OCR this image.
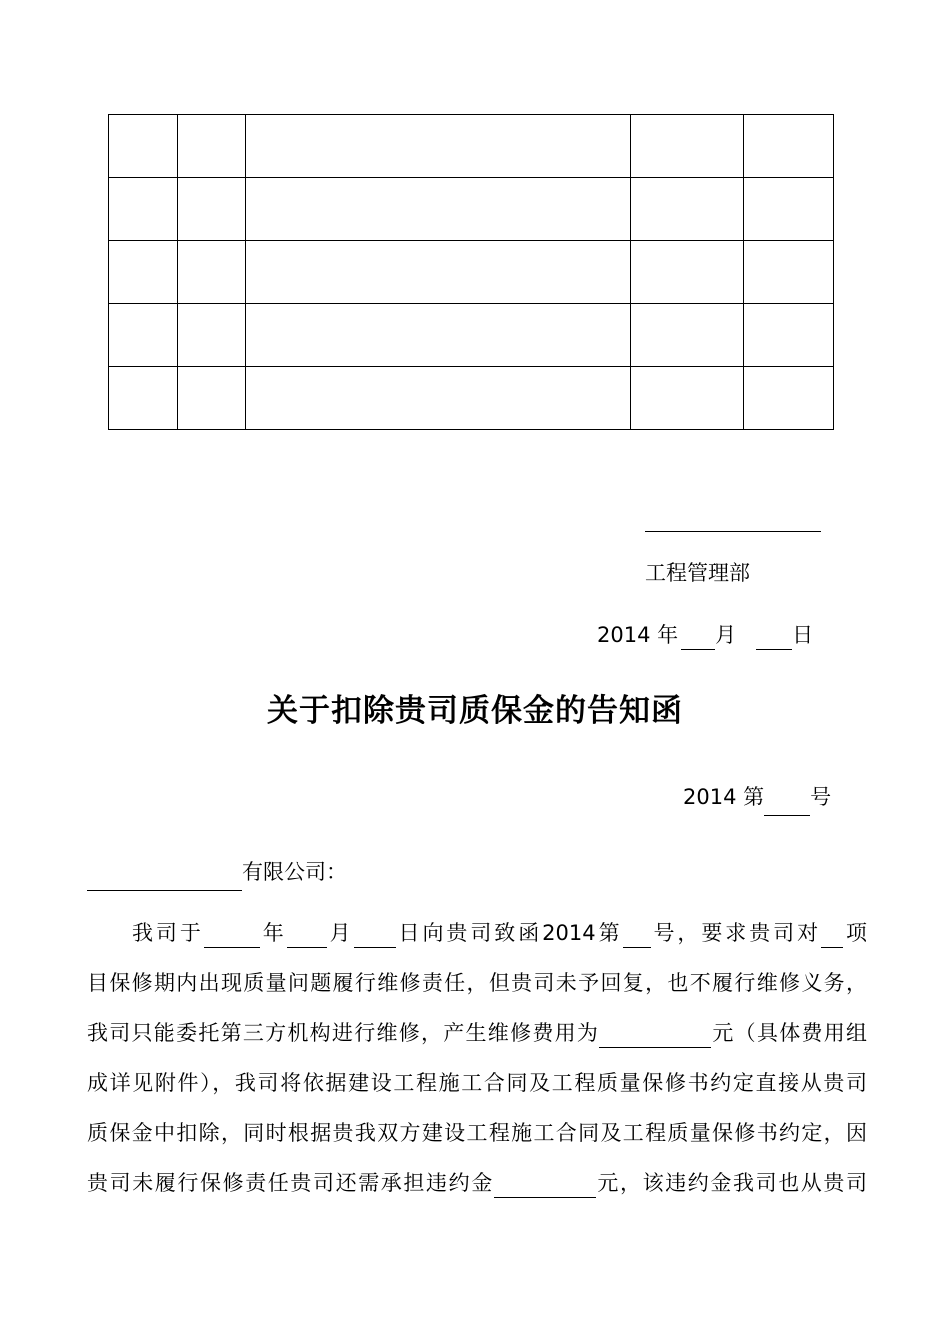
工程管理部
2014 年 月	日
关于扣除贵司质保金的告知函
2014 第 号
有限公司：
我司于	年 月 日向贵司致函2014第 号，要求贵司对 项
目保修期内出现质量问题履行维修责任，但贵司未予回复，也不履行维修义务，
我司只能委托第三方机构进行维修，产生维修费用为	元（具体费用组
成详见附件），我司将依据建设工程施工合同及工程质量保修书约定直接从贵司
质保金中扣除，同时根据贵我双方建设工程施工合同及工程质量保修书约定，因
贵司未履行保修责任贵司还需承担违约金	元，该违约金我司也从贵司
